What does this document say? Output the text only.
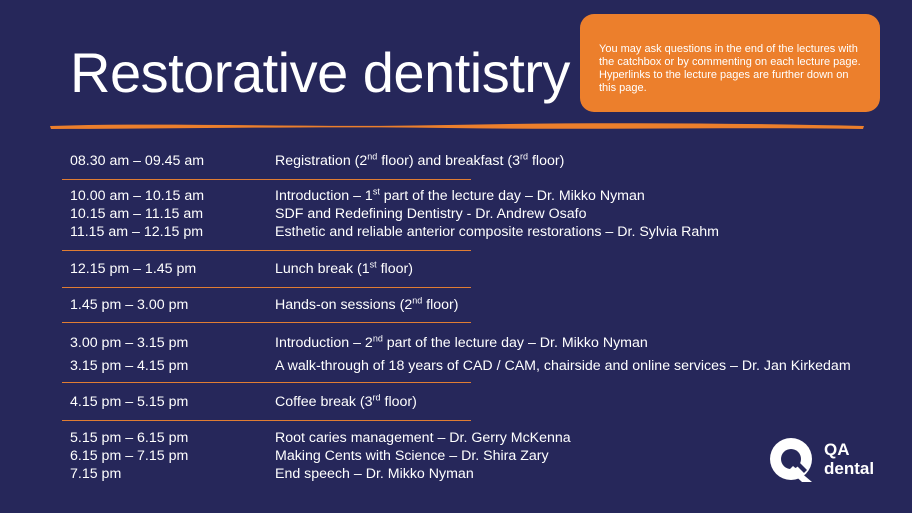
Restorative dentistry	You may ask questions in the end of the lectures with the catchbox or by commenting on each lecture page. Hyperlinks to the lecture pages are further down on this page.
08.30 am – 09.45 am	Registration (2nd floor) and breakfast (3rd floor)
10.00 am – 10.15 am	Introduction – 1st part of the lecture day – Dr. Mikko Nyman
10.15 am – 11.15 am	SDF and Redefining Dentistry - Dr. Andrew Osafo
11.15 am – 12.15 pm	Esthetic and reliable anterior composite restorations – Dr. Sylvia Rahm
12.15 pm – 1.45 pm	Lunch break (1st floor)
1.45 pm – 3.00 pm	Hands-on sessions (2nd floor)
3.00 pm – 3.15 pm	Introduction – 2nd part of the lecture day – Dr. Mikko Nyman
3.15 pm – 4.15 pm	A walk-through of 18 years of CAD / CAM, chairside and online services – Dr. Jan Kirkedam
4.15 pm – 5.15 pm	Coffee break (3rd floor)
5.15 pm – 6.15 pm	Root caries management – Dr. Gerry McKenna
6.15 pm – 7.15 pm	Making Cents with Science – Dr. Shira Zary
7.15 pm	End speech – Dr. Mikko Nyman
QA
dental
